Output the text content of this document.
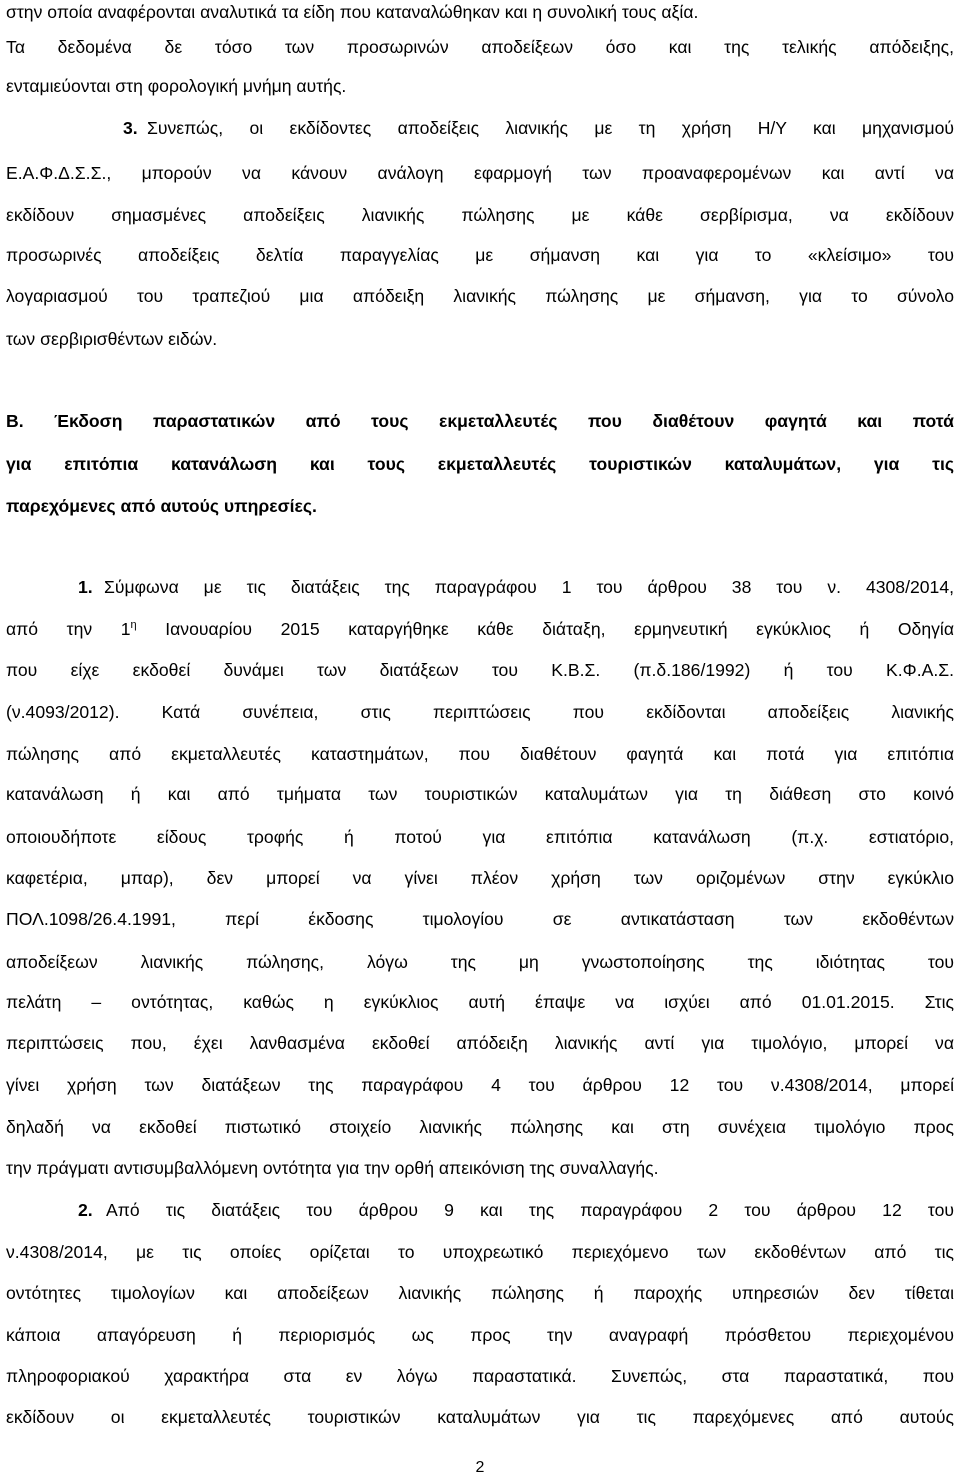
στην οποία αναφέρονται αναλυτικά τα είδη που καταναλώθηκαν και η συνολική τους αξία.
Τα δεδομένα δε τόσο των προσωρινών αποδείξεων όσο και της τελικής απόδειξης,
ενταμιεύονται στη φορολογική μνήμη αυτής.
Συνεπώς, οι εκδίδοντες αποδείξεις λιανικής με τη χρήση Η/Υ και μηχανισμού
3.
Ε.Α.Φ.Δ.Σ.Σ., μπορούν να κάνουν ανάλογη εφαρμογή των προαναφερομένων και αντί να
εκδίδουν σημασμένες αποδείξεις λιανικής πώλησης με κάθε σερβίρισμα, να εκδίδουν
προσωρινές αποδείξεις δελτία παραγγελίας με σήμανση και για το «κλείσιμο» του
λογαριασμού του τραπεζιού μια απόδειξη λιανικής πώλησης με σήμανση, για το σύνολο
των σερβιρισθέντων ειδών.
Β. Έκδοση παραστατικών από τους εκμεταλλευτές που διαθέτουν φαγητά και ποτά
για επιτόπια κατανάλωση και τους εκμεταλλευτές τουριστικών καταλυμάτων, για τις
παρεχόμενες από αυτούς υπηρεσίες.
1. Σύμφωνα με τις διατάξεις της παραγράφου 1 του άρθρου 38 του ν. 4308/2014,
από την $1^\eta$ Ιανουαρίου 2015 καταργήθηκε κάθε διάταξη, ερμηνευτική εγκύκλιος ή Οδηγία
που είχε εκδοθεί δυνάμει των διατάξεων του Κ.Β.Σ. (π.δ.186/1992) ή του Κ.Φ.Α.Σ.
(ν.4093/2012). Κατά συνέπεια, στις περιπτώσεις που εκδίδονται αποδείξεις λιανικής
πώλησης από εκμεταλλευτές καταστημάτων, που διαθέτουν φαγητά και ποτά για επιτόπια
κατανάλωση ή και από τμήματα των τουριστικών καταλυμάτων για τη διάθεση στο κοινό
οποιουδήποτε είδους τροφής ή ποτού για επιτόπια κατανάλωση (π.χ. εστιατόριο,
καφετέρια, μπαρ), δεν μπορεί να γίνει πλέον χρήση των οριζομένων στην εγκύκλιο
ΠΟΛ.1098/26.4.1991, περί έκδοσης τιμολογίου σε αντικατάσταση των εκδοθέντων
αποδείξεων λιανικής πώλησης, λόγω της μη γνωστοποίησης της ιδιότητας του
πελάτη – οντότητας, καθώς η εγκύκλιος αυτή έπαψε να ισχύει από 01.01.2015. Στις
περιπτώσεις που, έχει λανθασμένα εκδοθεί απόδειξη λιανικής αντί για τιμολόγιο, μπορεί να
γίνει χρήση των διατάξεων της παραγράφου 4 του άρθρου 12 του ν.4308/2014, μπορεί
δηλαδή να εκδοθεί πιστωτικό στοιχείο λιανικής πώλησης και στη συνέχεια τιμολόγιο προς
την πράγματι αντισυμβαλλόμενη οντότητα για την ορθή απεικόνιση της συναλλαγής.
2. Από τις διατάξεις του άρθρου 9 και της παραγράφου 2 του άρθρου 12 του
ν.4308/2014, με τις οποίες ορίζεται το υποχρεωτικό περιεχόμενο των εκδοθέντων από τις
οντότητες τιμολογίων και αποδείξεων λιανικής πώλησης ή παροχής υπηρεσιών δεν τίθεται
κάποια απαγόρευση ή περιορισμός ως προς την αναγραφή πρόσθετου περιεχομένου
πληροφοριακού χαρακτήρα στα εν λόγω παραστατικά. Συνεπώς, στα παραστατικά, που
εκδίδουν οι εκμεταλλευτές τουριστικών καταλυμάτων για τις παρεχόμενες από αυτούς
2
